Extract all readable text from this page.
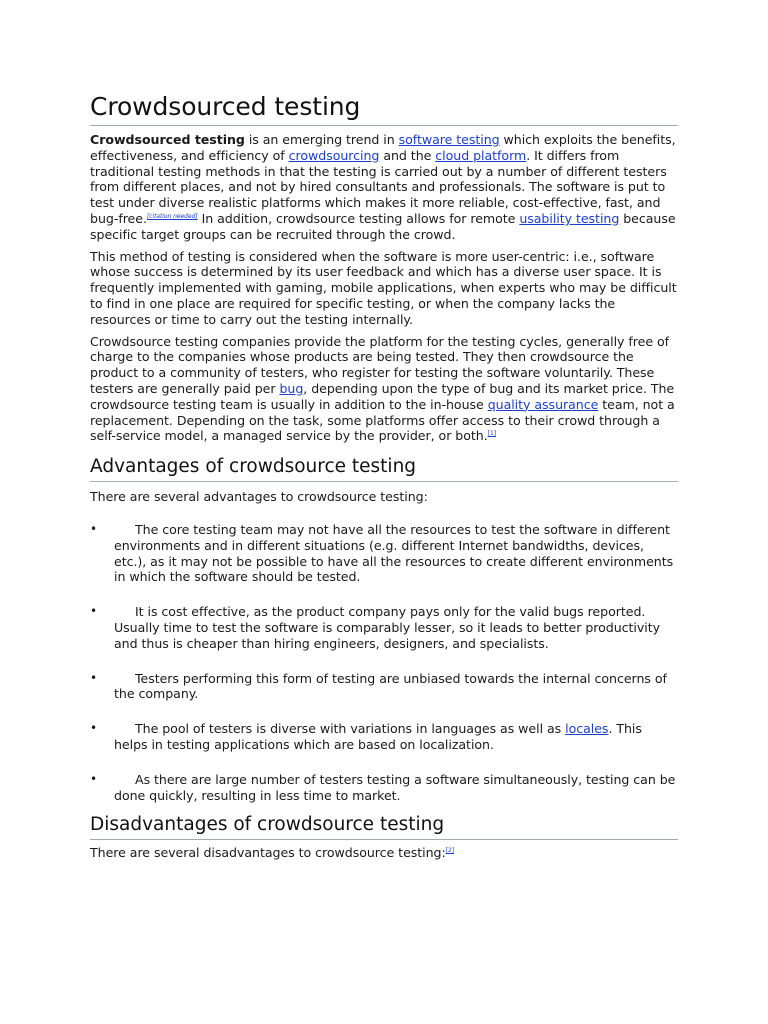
Crowdsourced testing

Crowdsourced testing is an emerging trend in software testing which exploits the benefits, effectiveness, and efficiency of crowdsourcing and the cloud platform. It differs from traditional testing methods in that the testing is carried out by a number of different testers from different places, and not by hired consultants and professionals. The software is put to test under diverse realistic platforms which makes it more reliable, cost-effective, fast, and bug-free.[citation needed] In addition, crowdsource testing allows for remote usability testing because specific target groups can be recruited through the crowd.

This method of testing is considered when the software is more user-centric: i.e., software whose success is determined by its user feedback and which has a diverse user space. It is frequently implemented with gaming, mobile applications, when experts who may be difficult to find in one place are required for specific testing, or when the company lacks the resources or time to carry out the testing internally.

Crowdsource testing companies provide the platform for the testing cycles, generally free of charge to the companies whose products are being tested. They then crowdsource the product to a community of testers, who register for testing the software voluntarily. These testers are generally paid per bug, depending upon the type of bug and its market price. The crowdsource testing team is usually in addition to the in-house quality assurance team, not a replacement. Depending on the task, some platforms offer access to their crowd through a self-service model, a managed service by the provider, or both.[1]

Advantages of crowdsource testing

There are several advantages to crowdsource testing:

•	The core testing team may not have all the resources to test the software in different environments and in different situations (e.g. different Internet bandwidths, devices, etc.), as it may not be possible to have all the resources to create different environments in which the software should be tested.
•	It is cost effective, as the product company pays only for the valid bugs reported. Usually time to test the software is comparably lesser, so it leads to better productivity and thus is cheaper than hiring engineers, designers, and specialists.
•	Testers performing this form of testing are unbiased towards the internal concerns of the company.
•	The pool of testers is diverse with variations in languages as well as locales. This helps in testing applications which are based on localization.
•	As there are large number of testers testing a software simultaneously, testing can be done quickly, resulting in less time to market.
Disadvantages of crowdsource testing

There are several disadvantages to crowdsource testing:[2]
